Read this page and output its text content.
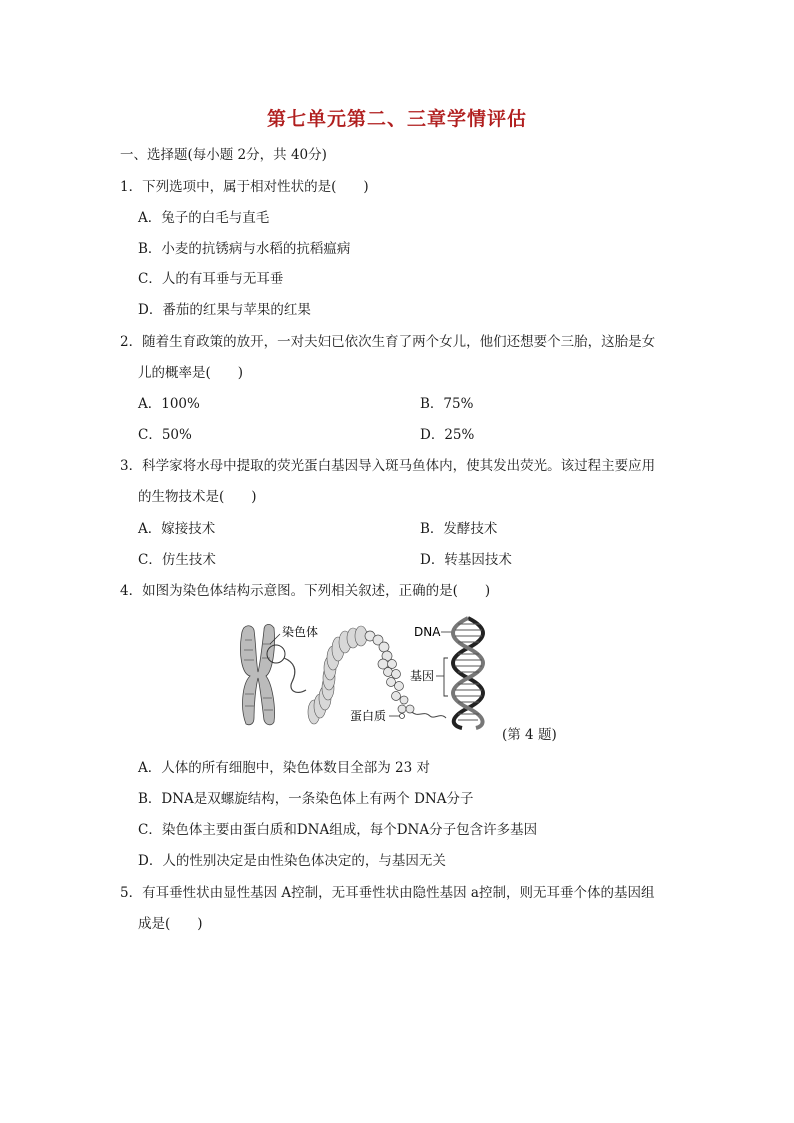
第七单元第二、三章学情评估
一、选择题(每小题 2分，共 40分)
1．下列选项中，属于相对性状的是(　　)
A．兔子的白毛与直毛
B．小麦的抗锈病与水稻的抗稻瘟病
C．人的有耳垂与无耳垂
D．番茄的红果与苹果的红果
2．随着生育政策的放开，一对夫妇已依次生育了两个女儿，他们还想要个三胎，这胎是女
儿的概率是(　　)
A．100%	B．75%
C．50%	D．25%
3．科学家将水母中提取的荧光蛋白基因导入斑马鱼体内，使其发出荧光。该过程主要应用
的生物技术是(　　)
A．嫁接技术	B．发酵技术
C．仿生技术	D．转基因技术
4．如图为染色体结构示意图。下列相关叙述，正确的是(　　)
染色体
蛋白质
DNA
基因
(第 4 题)
A．人体的所有细胞中，染色体数目全部为 23 对
B．DNA是双螺旋结构，一条染色体上有两个 DNA分子
C．染色体主要由蛋白质和DNA组成，每个DNA分子包含许多基因
D．人的性别决定是由性染色体决定的，与基因无关
5．有耳垂性状由显性基因 A控制，无耳垂性状由隐性基因 a控制，则无耳垂个体的基因组
成是(　　)
